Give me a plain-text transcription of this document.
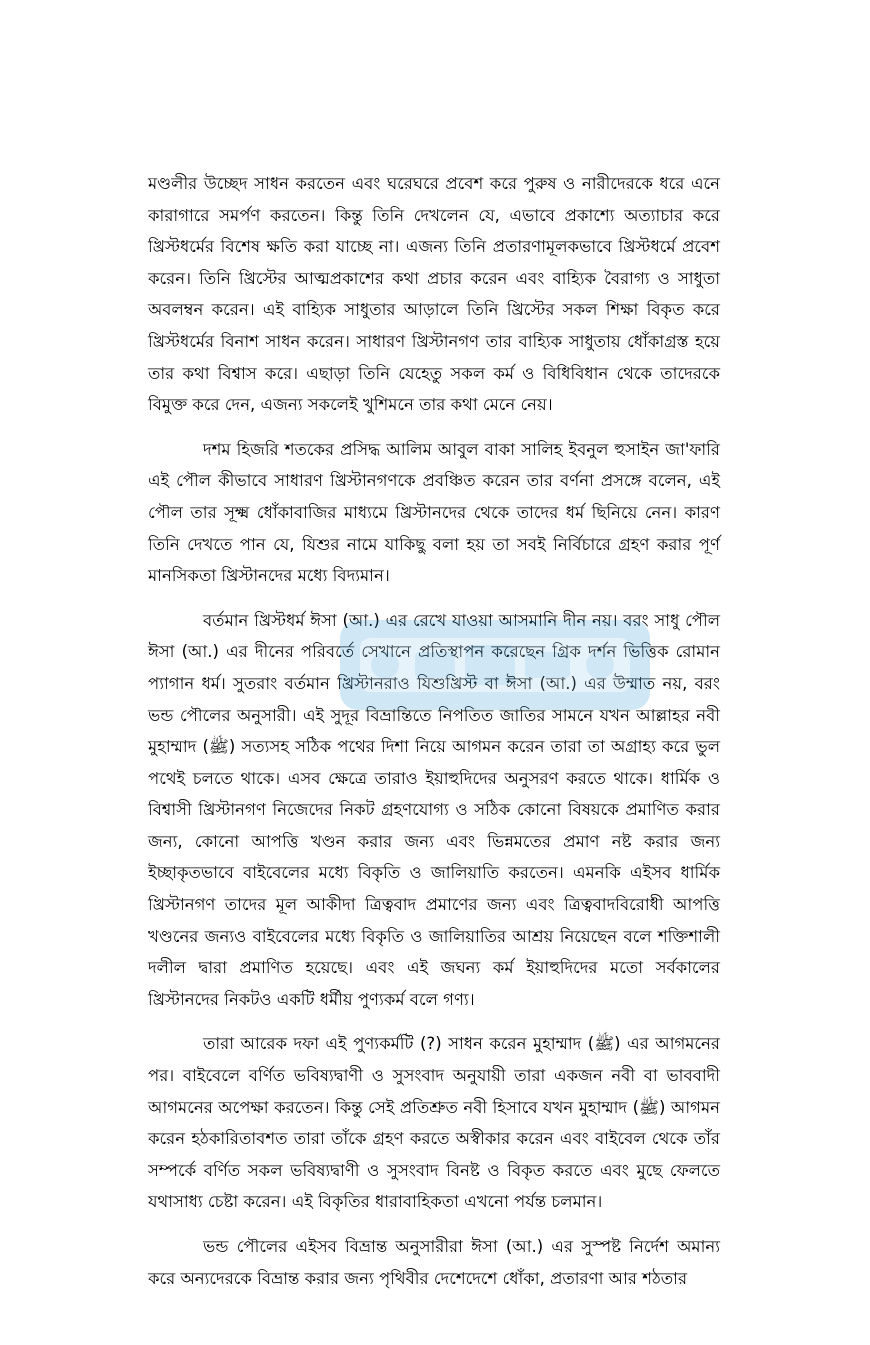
মণ্ডলীর উচ্ছেদ সাধন করতেন এবং ঘরেঘরে প্রবেশ করে পুরুষ ও নারীদেরকে ধরে এনে কারাগারে সমর্পণ করতেন। কিন্তু তিনি দেখলেন যে, এভাবে প্রকাশ্যে অত্যাচার করে খ্রিস্টধর্মের বিশেষ ক্ষতি করা যাচ্ছে না। এজন্য তিনি প্রতারণামূলকভাবে খ্রিস্টধর্মে প্রবেশ করেন। তিনি খ্রিস্টের আত্মপ্রকাশের কথা প্রচার করেন এবং বাহ্যিক বৈরাগ্য ও সাধুতা অবলম্বন করেন। এই বাহ্যিক সাধুতার আড়ালে তিনি খ্রিস্টের সকল শিক্ষা বিকৃত করে খ্রিস্টধর্মের বিনাশ সাধন করেন। সাধারণ খ্রিস্টানগণ তার বাহ্যিক সাধুতায় ধোঁকাগ্রস্ত হয়ে তার কথা বিশ্বাস করে। এছাড়া তিনি যেহেতু সকল কর্ম ও বিধিবিধান থেকে তাদেরকে বিমুক্ত করে দেন, এজন্য সকলেই খুশিমনে তার কথা মেনে নেয়।

দশম হিজরি শতকের প্রসিদ্ধ আলিম আবুল বাকা সালিহ ইবনুল হুসাইন জা'ফারি এই পৌল কীভাবে সাধারণ খ্রিস্টানগণকে প্রবঞ্চিত করেন তার বর্ণনা প্রসঙ্গে বলেন, এই পৌল তার সূক্ষ্ম ধোঁকাবাজির মাধ্যমে খ্রিস্টানদের থেকে তাদের ধর্ম ছিনিয়ে নেন। কারণ তিনি দেখতে পান যে, যিশুর নামে যাকিছু বলা হয় তা সবই নির্বিচারে গ্রহণ করার পূর্ণ মানসিকতা খ্রিস্টানদের মধ্যে বিদ্যমান।

বর্তমান খ্রিস্টধর্ম ঈসা (আ.) এর রেখে যাওয়া আসমানি দীন নয়। বরং সাধু পৌল ঈসা (আ.) এর দীনের পরিবর্তে সেখানে প্রতিস্থাপন করেছেন গ্রিক দর্শন ভিত্তিক রোমান প্যাগান ধর্ম। সুতরাং বর্তমান খ্রিস্টানরাও যিশুখ্রিস্ট বা ঈসা (আ.) এর উম্মাত নয়, বরং ভন্ড পৌলের অনুসারী। এই সুদূর বিভ্রান্তিতে নিপতিত জাতির সামনে যখন আল্লাহর নবী মুহাম্মাদ (ﷺ) সত্যসহ সঠিক পথের দিশা নিয়ে আগমন করেন তারা তা অগ্রাহ্য করে ভুল পথেই চলতে থাকে। এসব ক্ষেত্রে তারাও ইয়াহুদিদের অনুসরণ করতে থাকে। ধার্মিক ও বিশ্বাসী খ্রিস্টানগণ নিজেদের নিকট গ্রহণযোগ্য ও সঠিক কোনো বিষয়কে প্রমাণিত করার জন্য, কোনো আপত্তি খণ্ডন করার জন্য এবং ভিন্নমতের প্রমাণ নষ্ট করার জন্য ইচ্ছাকৃতভাবে বাইবেলের মধ্যে বিকৃতি ও জালিয়াতি করতেন। এমনকি এইসব ধার্মিক খ্রিস্টানগণ তাদের মূল আকীদা ত্রিত্ববাদ প্রমাণের জন্য এবং ত্রিত্ববাদবিরোধী আপত্তি খণ্ডনের জন্যও বাইবেলের মধ্যে বিকৃতি ও জালিয়াতির আশ্রয় নিয়েছেন বলে শক্তিশালী দলীল দ্বারা প্রমাণিত হয়েছে। এবং এই জঘন্য কর্ম ইয়াহুদিদের মতো সর্বকালের খ্রিস্টানদের নিকটও একটি ধর্মীয় পুণ্যকর্ম বলে গণ্য।

তারা আরেক দফা এই পুণ্যকর্মটি (?) সাধন করেন মুহাম্মাদ (ﷺ) এর আগমনের পর। বাইবেলে বর্ণিত ভবিষ্যদ্বাণী ও সুসংবাদ অনুযায়ী তারা একজন নবী বা ভাববাদী আগমনের অপেক্ষা করতেন। কিন্তু সেই প্রতিশ্রুত নবী হিসাবে যখন মুহাম্মাদ (ﷺ) আগমন করেন হঠকারিতাবশত তারা তাঁকে গ্রহণ করতে অস্বীকার করেন এবং বাইবেল থেকে তাঁর সম্পর্কে বর্ণিত সকল ভবিষ্যদ্বাণী ও সুসংবাদ বিনষ্ট ও বিকৃত করতে এবং মুছে ফেলতে যথাসাধ্য চেষ্টা করেন। এই বিকৃতির ধারাবাহিকতা এখনো পর্যন্ত চলমান।

ভন্ড পৌলের এইসব বিভ্রান্ত অনুসারীরা ঈসা (আ.) এর সুস্পষ্ট নির্দেশ অমান্য করে অন্যদেরকে বিভ্রান্ত করার জন্য পৃথিবীর দেশেদেশে ধোঁকা, প্রতারণা আর শঠতার
